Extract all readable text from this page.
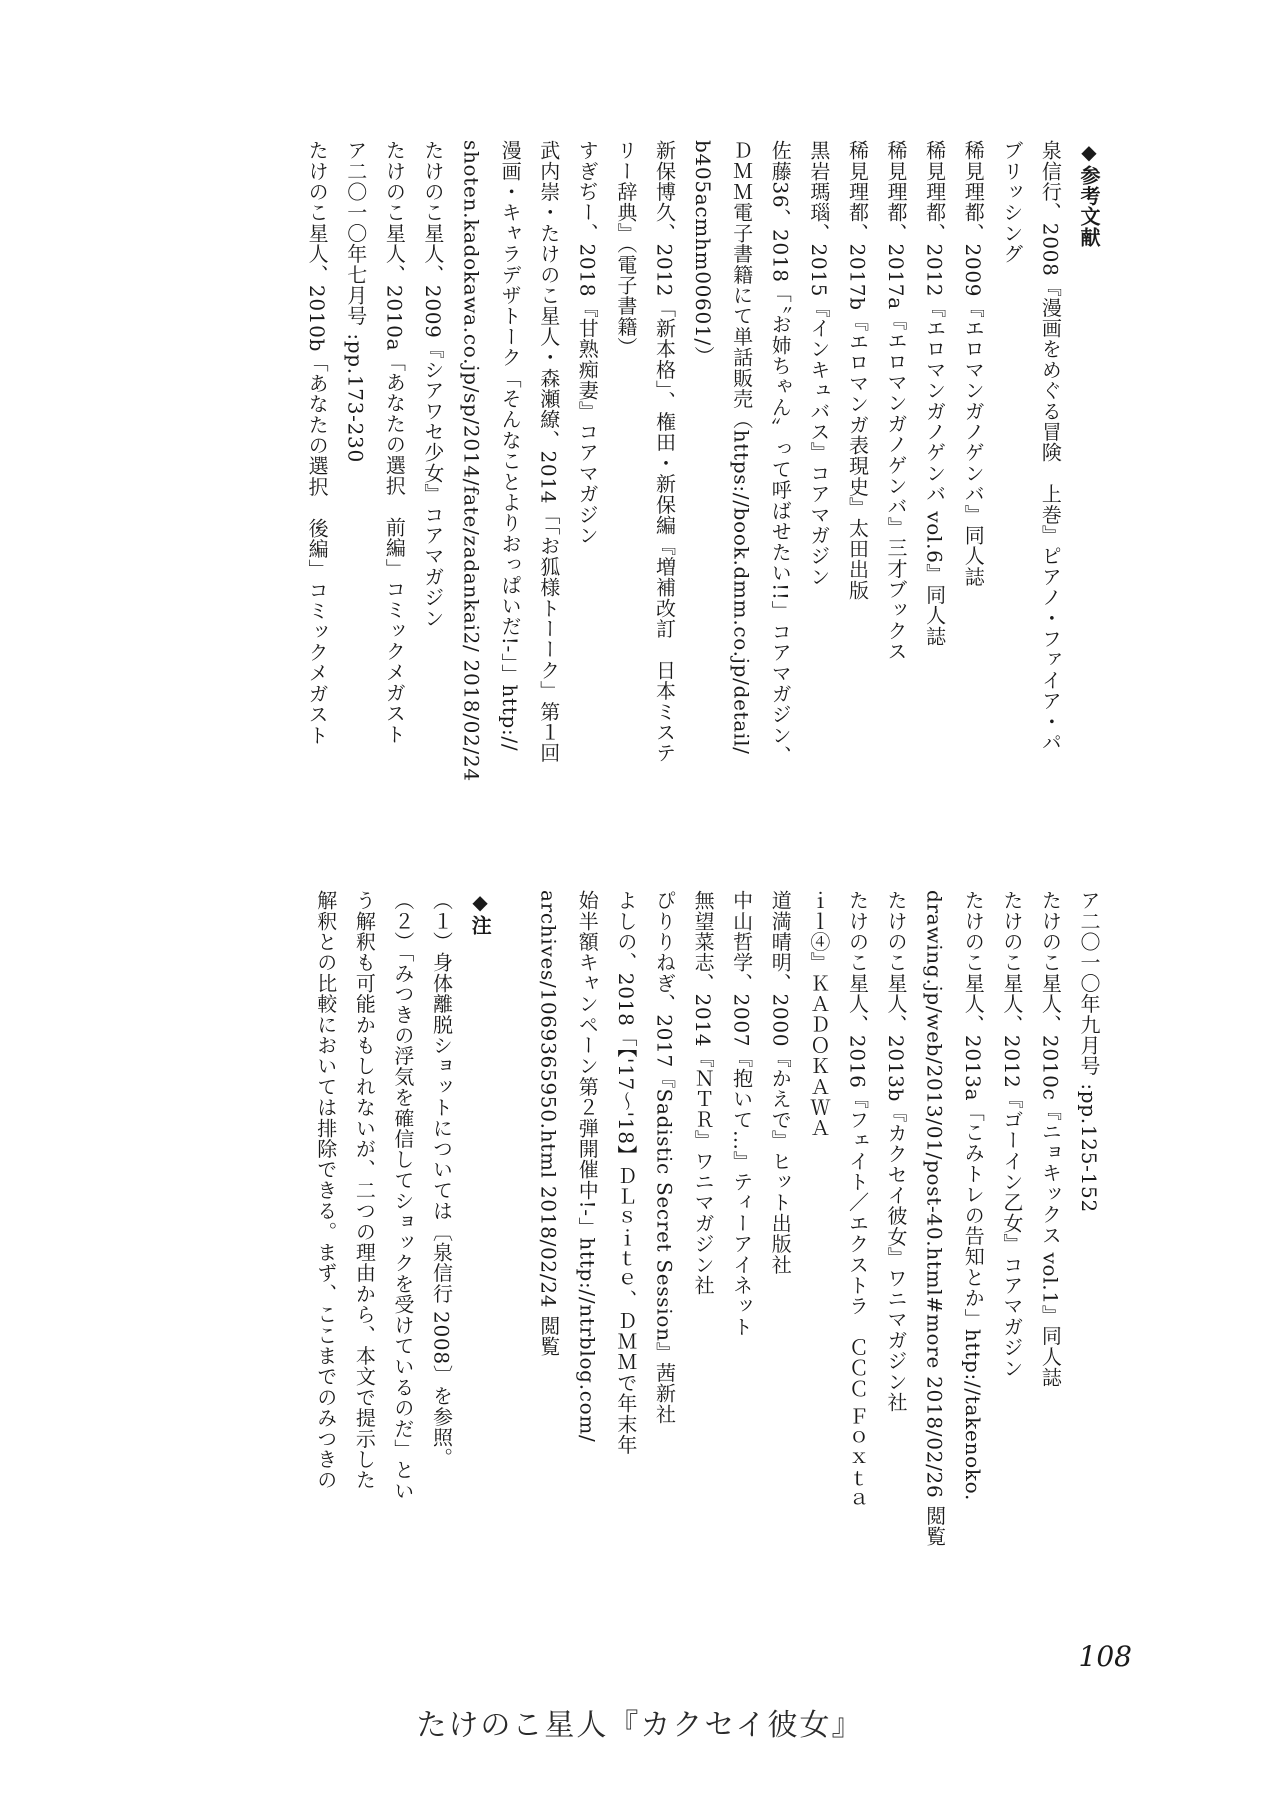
◆参考文献
泉信行、2008『漫画をめぐる冒険　上巻』ピアノ・ファイア・パ
ブリッシング
稀見理都、2009『エロマンガノゲンバ』同人誌
稀見理都、2012『エロマンガノゲンバ vol.6』同人誌
稀見理都、2017a『エロマンガノゲンバ』三才ブックス
稀見理都、2017b『エロマンガ表現史』太田出版
黒岩瑪瑙、2015『インキュバス』コアマガジン
佐藤36、2018「〝お姉ちゃん〟って呼ばせたい!!」コアマガジン、
ＤＭＭ電子書籍にて単話販売（https://book.dmm.co.jp/detail/
b405acmhm00601/）
新保博久、2012「新本格」、権田・新保編『増補改訂　日本ミステ
リー辞典』（電子書籍）
すぎぢー、2018『甘熟痴妻』コアマガジン
武内崇・たけのこ星人・森瀬繚、2014「「お狐様トーーク」第１回
漫画・キャラデザトーク「そんなことよりおっぱいだ!-」」http://
shoten.kadokawa.co.jp/sp/2014/fate/zadankai2/ 2018/02/24
たけのこ星人、2009『シアワセ少女』コアマガジン
たけのこ星人、2010a「あなたの選択　前編」コミックメガスト
ア二〇一〇年七月号 :pp.173-230
たけのこ星人、2010b「あなたの選択　後編」コミックメガスト
ア二〇一〇年九月号 :pp.125-152
たけのこ星人、2010c『ニョキックス vol.1』同人誌
たけのこ星人、2012『ゴーイン乙女』コアマガジン
たけのこ星人、2013a「こみトレの告知とか」http://takenoko.
drawing.jp/web/2013/01/post-40.html#more 2018/02/26 閲覧
たけのこ星人、2013b『カクセイ彼女』ワニマガジン社
たけのこ星人、2016『フェイト／エクストラ　ＣＣＣ Ｆｏｘｔａ
ｉｌ④』ＫＡＤＯＫＡＷＡ
道満晴明、2000『かえで』ヒット出版社
中山哲学、2007『抱いて…』ティーアイネット
無望菜志、2014『ＮＴＲ』ワニマガジン社
ぴりりねぎ、2017『Sadistic Secret Session』茜新社
よしの、2018「【'17～'18】ＤＬｓｉｔｅ、ＤＭＭで年末年
始半額キャンペーン第２弾開催中!-」http://ntrblog.com/
archives/1069365950.html 2018/02/24 閲覧
◆注
（１）身体離脱ショットについては〔泉信行 2008〕を参照。
（２）「みつきの浮気を確信してショックを受けているのだ」とい
う解釈も可能かもしれないが、二つの理由から、本文で提示した
解釈との比較においては排除できる。まず、ここまでのみつきの
108
たけのこ星人『カクセイ彼女』
